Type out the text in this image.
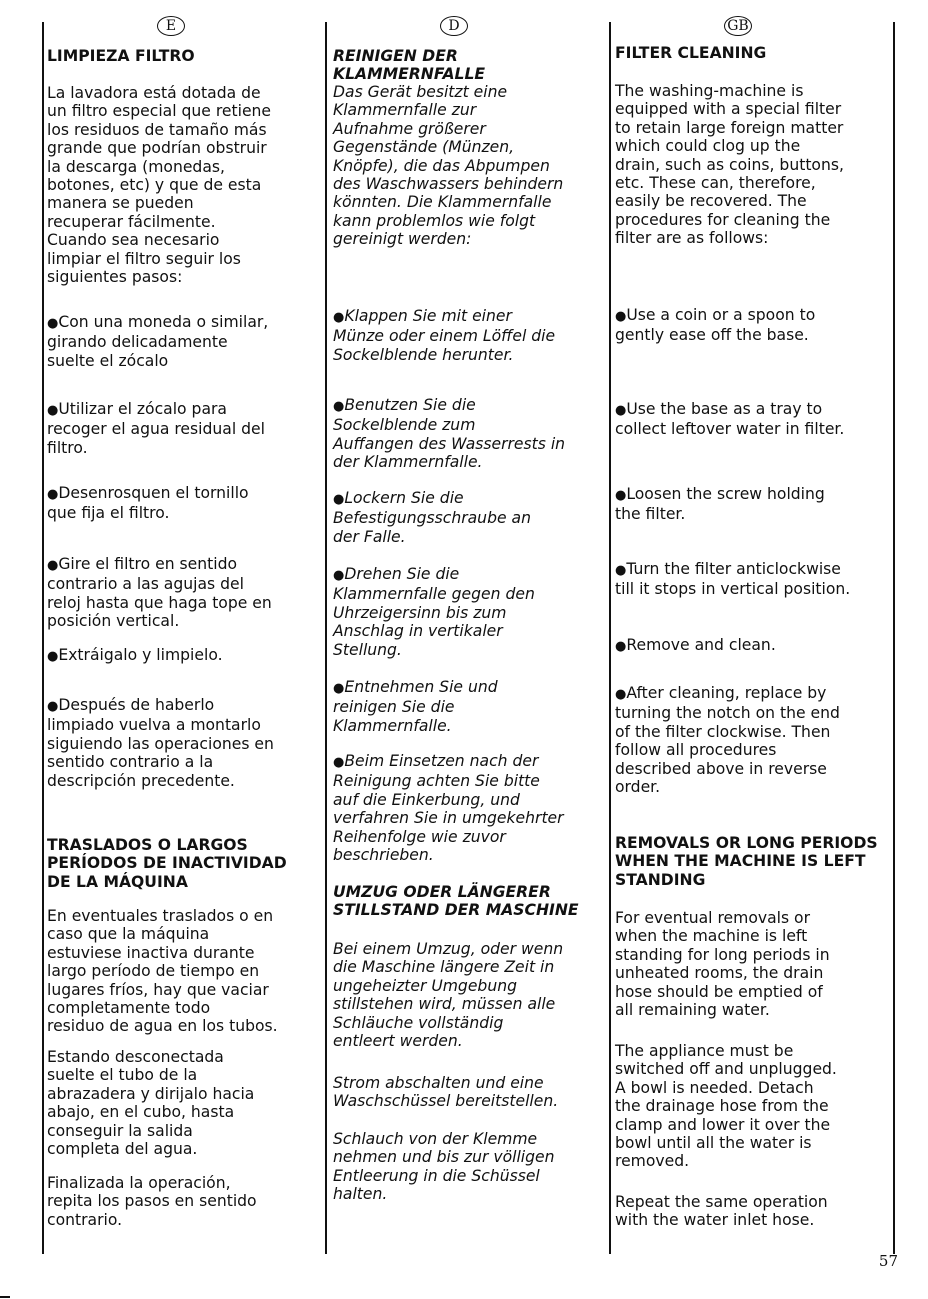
E	D	GB

LIMPIEZA FILTRO

La lavadora está dotada de
un filtro especial que retiene
los residuos de tamaño más
grande que podrían obstruir
la descarga (monedas,
botones, etc) y que de esta
manera se pueden
recuperar fácilmente.
Cuando sea necesario
limpiar el filtro seguir los
siguientes pasos:

● Con una moneda o similar,
girando delicadamente
suelte el zócalo

● Utilizar el zócalo para
recoger el agua residual del
filtro.

● Desenrosquen el tornillo
que fija el filtro.

● Gire el filtro en sentido
contrario a las agujas del
reloj hasta que haga tope en
posición vertical.

● Extráigalo y limpielo.

● Después de haberlo
limpiado vuelva a montarlo
siguiendo las operaciones en
sentido contrario a la
descripción precedente.

TRASLADOS O LARGOS
PERÍODOS DE INACTIVIDAD
DE LA MÁQUINA

En eventuales traslados o en
caso que la máquina
estuviese inactiva durante
largo período de tiempo en
lugares fríos, hay que vaciar
completamente todo
residuo de agua en los tubos.

Estando desconectada
suelte el tubo de la
abrazadera y dirijalo hacia
abajo, en el cubo, hasta
conseguir la salida
completa del agua.

Finalizada la operación,
repita los pasos en sentido
contrario.

REINIGEN DER
KLAMMERNFALLE

Das Gerät besitzt eine
Klammernfalle zur
Aufnahme größerer
Gegenstände (Münzen,
Knöpfe), die das Abpumpen
des Waschwassers behindern
könnten. Die Klammernfalle
kann problemlos wie folgt
gereinigt werden:

● Klappen Sie mit einer
Münze oder einem Löffel die
Sockelblende herunter.

● Benutzen Sie die
Sockelblende zum
Auffangen des Wasserrests in
der Klammernfalle.

● Lockern Sie die
Befestigungsschraube an
der Falle.

● Drehen Sie die
Klammernfalle gegen den
Uhrzeigersinn bis zum
Anschlag in vertikaler
Stellung.

● Entnehmen Sie und
reinigen Sie die
Klammernfalle.

● Beim Einsetzen nach der
Reinigung achten Sie bitte
auf die Einkerbung, und
verfahren Sie in umgekehrter
Reihenfolge wie zuvor
beschrieben.

UMZUG ODER LÄNGERER
STILLSTAND DER MASCHINE

Bei einem Umzug, oder wenn
die Maschine längere Zeit in
ungeheizter Umgebung
stillstehen wird, müssen alle
Schläuche vollständig
entleert werden.

Strom abschalten und eine
Waschschüssel bereitstellen.

Schlauch von der Klemme
nehmen und bis zur völligen
Entleerung in die Schüssel
halten.

FILTER CLEANING

The washing-machine is
equipped with a special filter
to retain large foreign matter
which could clog up the
drain, such as coins, buttons,
etc. These can, therefore,
easily be recovered. The
procedures for cleaning the
filter are as follows:

● Use a coin or a spoon to
gently ease off the base.

● Use the base as a tray to
collect leftover water in filter.

● Loosen the screw holding
the filter.

● Turn the filter anticlockwise
till it stops in vertical position.

● Remove and clean.

● After cleaning, replace by
turning the notch on the end
of the filter clockwise. Then
follow all procedures
described above in reverse
order.

REMOVALS OR LONG PERIODS
WHEN THE MACHINE IS LEFT
STANDING

For eventual removals or
when the machine is left
standing for long periods in
unheated rooms, the drain
hose should be emptied of
all remaining water.

The appliance must be
switched off and unplugged.
A bowl is needed. Detach
the drainage hose from the
clamp and lower it over the
bowl until all the water is
removed.

Repeat the same operation
with the water inlet hose.

57
